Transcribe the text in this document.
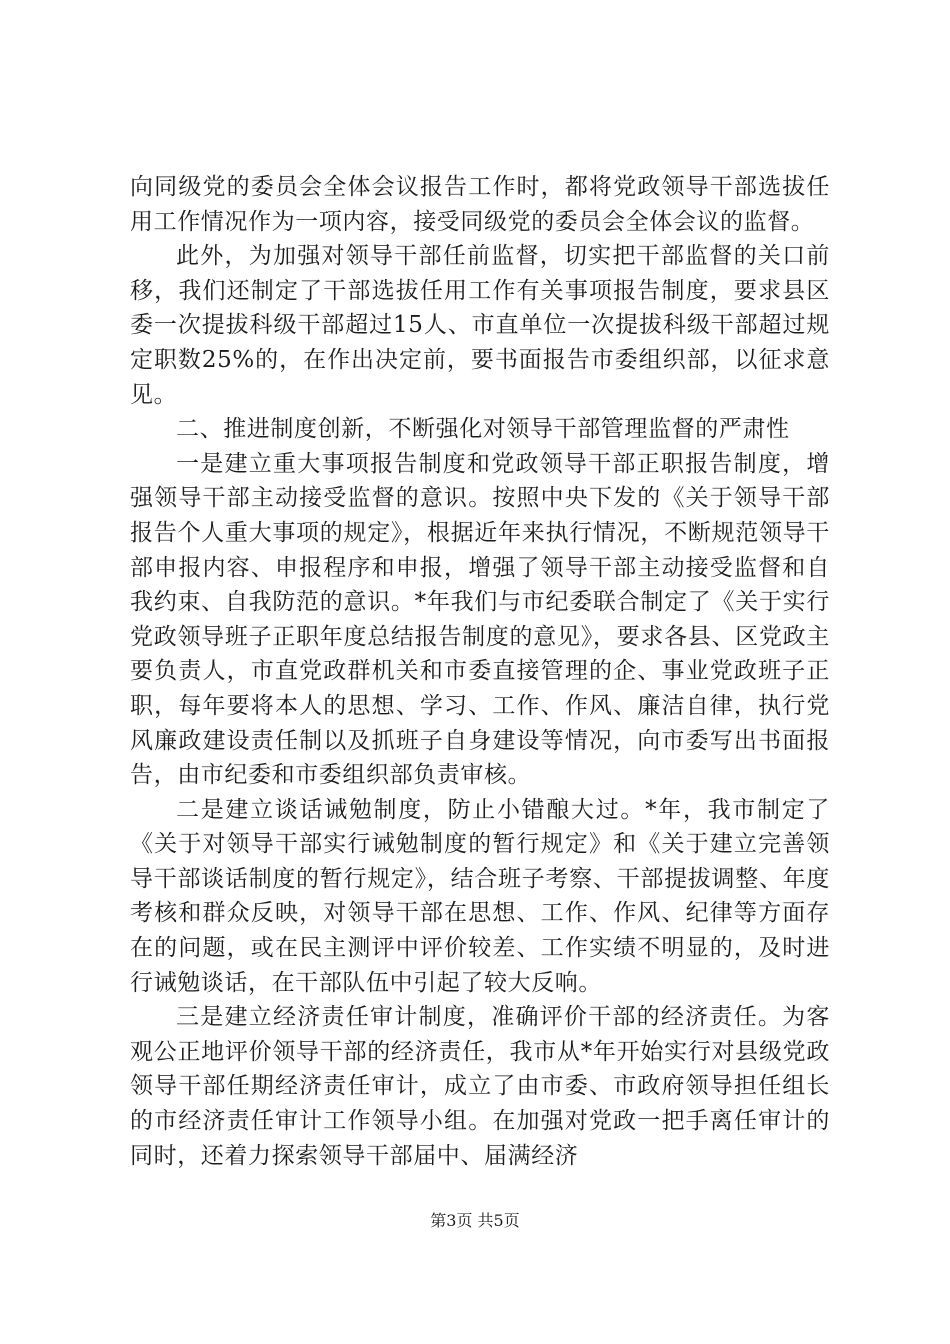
向同级党的委员会全体会议报告工作时，都将党政领导干部选拔任用工作情况作为一项内容，接受同级党的委员会全体会议的监督。

此外，为加强对领导干部任前监督，切实把干部监督的关口前移，我们还制定了干部选拔任用工作有关事项报告制度，要求县区委一次提拔科级干部超过15人、市直单位一次提拔科级干部超过规定职数25%的，在作出决定前，要书面报告市委组织部，以征求意见。

二、推进制度创新，不断强化对领导干部管理监督的严肃性

一是建立重大事项报告制度和党政领导干部正职报告制度，增强领导干部主动接受监督的意识。按照中央下发的《关于领导干部报告个人重大事项的规定》，根据近年来执行情况，不断规范领导干部申报内容、申报程序和申报，增强了领导干部主动接受监督和自我约束、自我防范的意识。*年我们与市纪委联合制定了《关于实行党政领导班子正职年度总结报告制度的意见》，要求各县、区党政主要负责人，市直党政群机关和市委直接管理的企、事业党政班子正职，每年要将本人的思想、学习、工作、作风、廉洁自律，执行党风廉政建设责任制以及抓班子自身建设等情况，向市委写出书面报告，由市纪委和市委组织部负责审核。

二是建立谈话诫勉制度，防止小错酿大过。*年，我市制定了《关于对领导干部实行诫勉制度的暂行规定》和《关于建立完善领导干部谈话制度的暂行规定》，结合班子考察、干部提拔调整、年度考核和群众反映，对领导干部在思想、工作、作风、纪律等方面存在的问题，或在民主测评中评价较差、工作实绩不明显的，及时进行诫勉谈话，在干部队伍中引起了较大反响。

三是建立经济责任审计制度，准确评价干部的经济责任。为客观公正地评价领导干部的经济责任，我市从*年开始实行对县级党政领导干部任期经济责任审计，成立了由市委、市政府领导担任组长的市经济责任审计工作领导小组。在加强对党政一把手离任审计的同时，还着力探索领导干部届中、届满经济

第3页 共5页
